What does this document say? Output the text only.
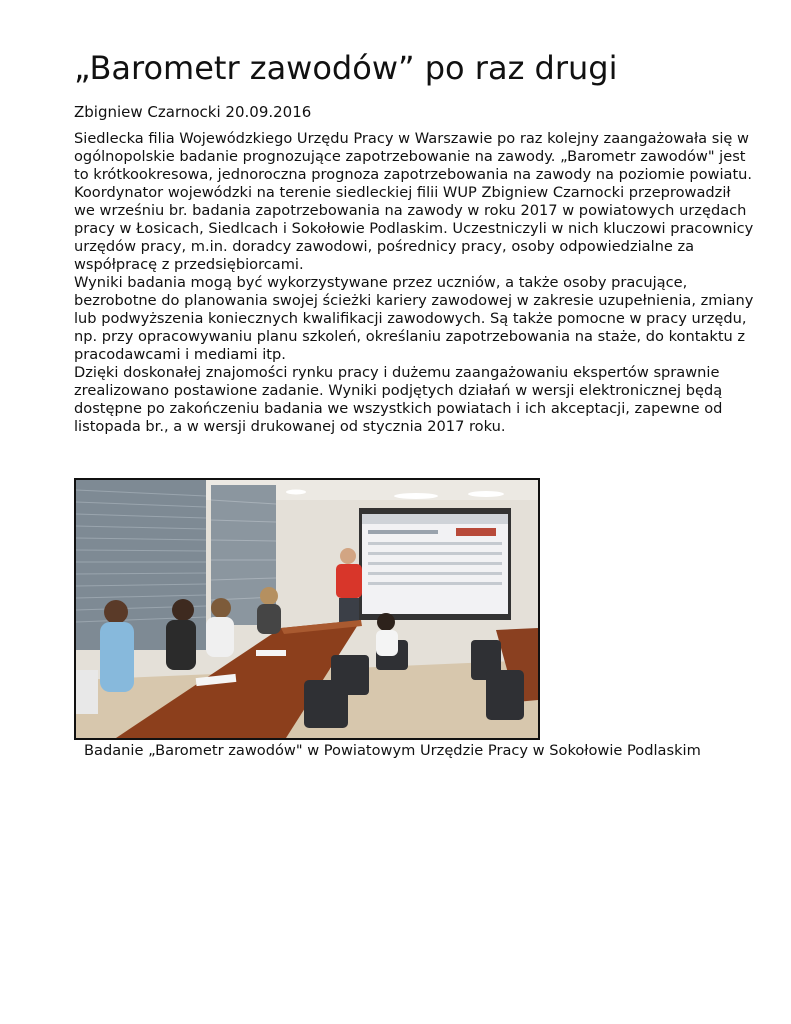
„Barometr zawodów” po raz drugi
Zbigniew Czarnocki 20.09.2016

Siedlecka filia Wojewódzkiego Urzędu Pracy w Warszawie po raz kolejny zaangażowała się w ogólnopolskie badanie prognozujące zapotrzebowanie na zawody. „Barometr zawodów" jest to krótkookresowa, jednoroczna prognoza zapotrzebowania na zawody na poziomie powiatu.

Koordynator wojewódzki na terenie siedleckiej filii WUP Zbigniew Czarnocki przeprowadził we wrześniu br. badania zapotrzebowania na zawody w roku 2017 w powiatowych urzędach pracy w Łosicach, Siedlcach i Sokołowie Podlaskim. Uczestniczyli w nich kluczowi pracownicy urzędów pracy, m.in. doradcy zawodowi, pośrednicy pracy, osoby odpowiedzialne za współpracę z przedsiębiorcami.

Wyniki badania mogą być wykorzystywane przez uczniów, a także osoby pracujące, bezrobotne do planowania swojej ścieżki kariery zawodowej w zakresie uzupełnienia, zmiany lub podwyższenia koniecznych kwalifikacji zawodowych. Są także pomocne w pracy urzędu, np. przy opracowywaniu planu szkoleń, określaniu zapotrzebowania na staże, do kontaktu z pracodawcami i mediami itp.

Dzięki doskonałej znajomości rynku pracy i dużemu zaangażowaniu ekspertów sprawnie zrealizowano postawione zadanie. Wyniki podjętych działań w wersji elektronicznej będą dostępne po zakończeniu badania we wszystkich powiatach i ich akceptacji, zapewne od listopada br., a w wersji drukowanej od stycznia 2017 roku.

Badanie „Barometr zawodów" w Powiatowym Urzędzie Pracy w Sokołowie Podlaskim
